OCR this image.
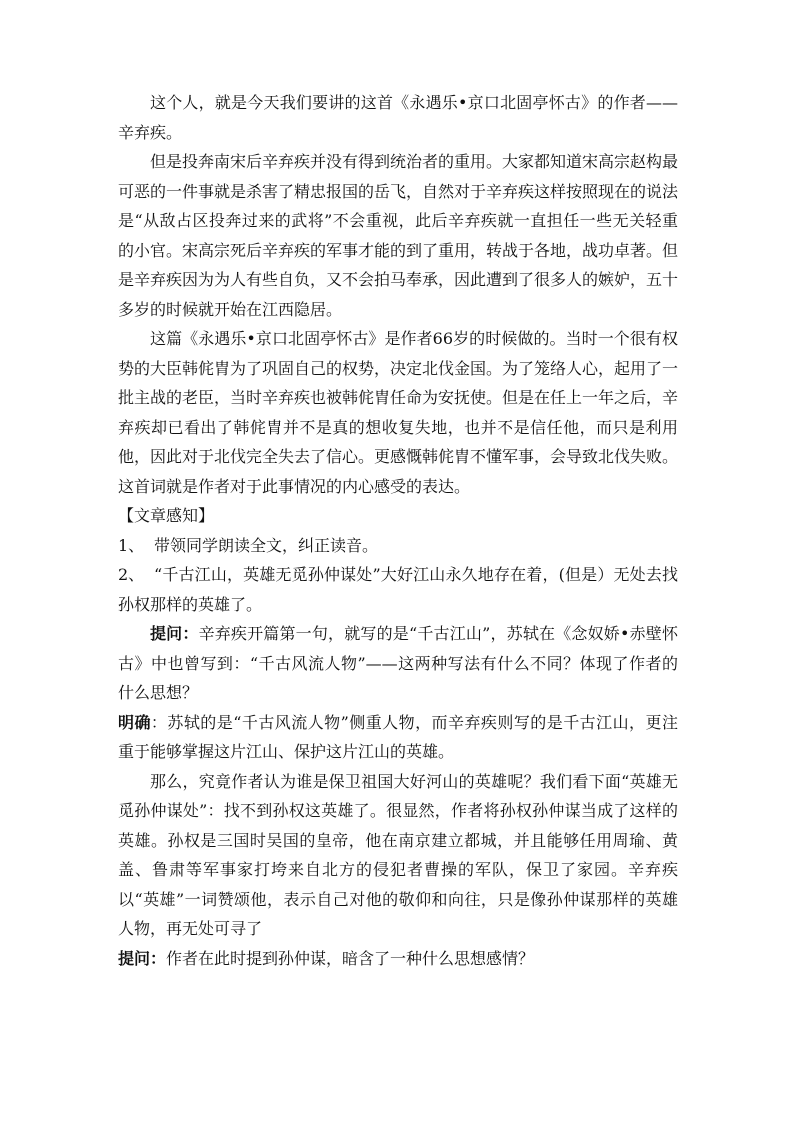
这个人，就是今天我们要讲的这首《永遇乐•京口北固亭怀古》的作者——辛弃疾。

但是投奔南宋后辛弃疾并没有得到统治者的重用。大家都知道宋高宗赵构最可恶的一件事就是杀害了精忠报国的岳飞，自然对于辛弃疾这样按照现在的说法是“从敌占区投奔过来的武将”不会重视，此后辛弃疾就一直担任一些无关轻重的小官。宋高宗死后辛弃疾的军事才能的到了重用，转战于各地，战功卓著。但是辛弃疾因为为人有些自负，又不会拍马奉承，因此遭到了很多人的嫉妒，五十多岁的时候就开始在江西隐居。

这篇《永遇乐•京口北固亭怀古》是作者66岁的时候做的。当时一个很有权势的大臣韩侂胄为了巩固自己的权势，决定北伐金国。为了笼络人心，起用了一批主战的老臣，当时辛弃疾也被韩侂胄任命为安抚使。但是在任上一年之后，辛弃疾却已看出了韩侂胄并不是真的想收复失地，也并不是信任他，而只是利用他，因此对于北伐完全失去了信心。更感慨韩侂胄不懂军事，会导致北伐失败。这首词就是作者对于此事情况的内心感受的表达。

【文章感知】

1、 带领同学朗读全文，纠正读音。

2、 “千古江山，英雄无觅孙仲谋处”大好江山永久地存在着，(但是）无处去找孙权那样的英雄了。

提问：辛弃疾开篇第一句，就写的是“千古江山”，苏轼在《念奴娇•赤壁怀古》中也曾写到：“千古风流人物”——这两种写法有什么不同？体现了作者的什么思想？

明确：苏轼的是“千古风流人物”侧重人物，而辛弃疾则写的是千古江山，更注重于能够掌握这片江山、保护这片江山的英雄。

那么，究竟作者认为谁是保卫祖国大好河山的英雄呢？我们看下面“英雄无觅孙仲谋处”：找不到孙权这英雄了。很显然，作者将孙权孙仲谋当成了这样的英雄。孙权是三国时吴国的皇帝，他在南京建立都城，并且能够任用周瑜、黄盖、鲁肃等军事家打垮来自北方的侵犯者曹操的军队，保卫了家园。辛弃疾以“英雄”一词赞颂他，表示自己对他的敬仰和向往，只是像孙仲谋那样的英雄人物，再无处可寻了

提问：作者在此时提到孙仲谋，暗含了一种什么思想感情？
